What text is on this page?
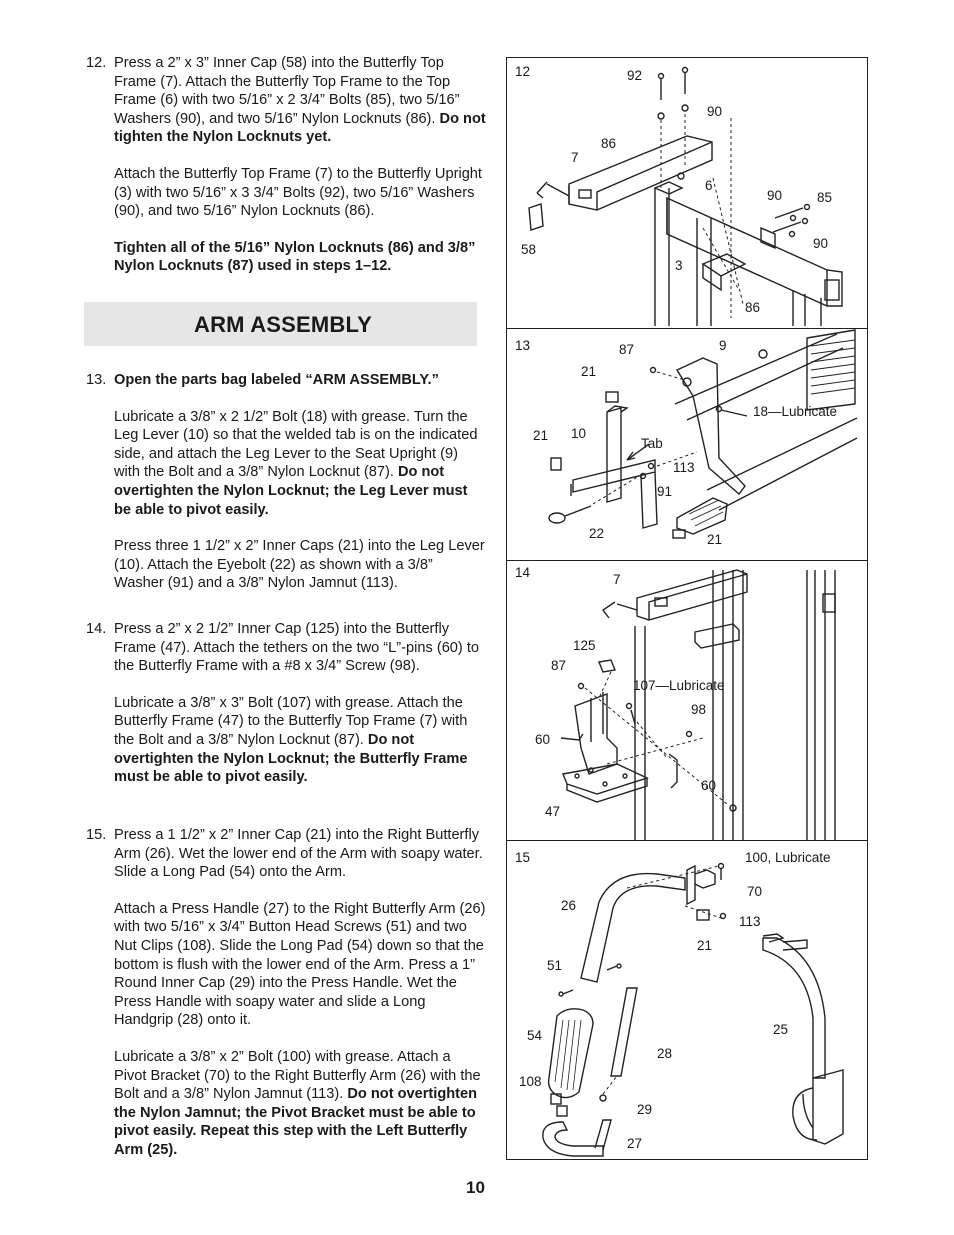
12. Press a 2” x 3” Inner Cap (58) into the Butterfly Top Frame (7). Attach the Butterfly Top Frame to the Top Frame (6) with two 5/16” x 2 3/4” Bolts (85), two 5/16” Washers (90), and two 5/16” Nylon Locknuts (86). Do not tighten the Nylon Locknuts yet.
Attach the Butterfly Top Frame (7) to the Butterfly Upright (3) with two 5/16” x 3 3/4” Bolts (92), two 5/16” Washers (90), and two 5/16” Nylon Locknuts (86).
Tighten all of the 5/16” Nylon Locknuts (86) and 3/8” Nylon Locknuts (87) used in steps 1–12.
ARM ASSEMBLY
13. Open the parts bag labeled “ARM ASSEMBLY.”
Lubricate a 3/8” x 2 1/2” Bolt (18) with grease. Turn the Leg Lever (10) so that the welded tab is on the indicated side, and attach the Leg Lever to the Seat Upright (9) with the Bolt and a 3/8” Nylon Locknut (87). Do not overtighten the Nylon Locknut; the Leg Lever must be able to pivot easily.
Press three 1 1/2” x 2” Inner Caps (21) into the Leg Lever (10). Attach the Eyebolt (22) as shown with a 3/8” Washer (91) and a 3/8” Nylon Jamnut (113).
14. Press a 2” x 2 1/2” Inner Cap (125) into the Butterfly Frame (47). Attach the tethers on the two “L”-pins (60) to the Butterfly Frame with a #8 x 3/4” Screw (98).
Lubricate a 3/8” x 3” Bolt (107) with grease. Attach the Butterfly Frame (47) to the Butterfly Top Frame (7) with the Bolt and a 3/8” Nylon Locknut (87). Do not overtighten the Nylon Locknut; the Butterfly Frame must be able to pivot easily.
15. Press a 1 1/2” x 2” Inner Cap (21) into the Right Butterfly Arm (26). Wet the lower end of the Arm with soapy water. Slide a Long Pad (54) onto the Arm.
Attach a Press Handle (27) to the Right Butterfly Arm (26) with two 5/16” x 3/4” Button Head Screws (51) and two Nut Clips (108). Slide the Long Pad (54) down so that the bottom is flush with the lower end of the Arm. Press a 1” Round Inner Cap (29) into the Press Handle. Wet the Press Handle with soapy water and slide a Long Handgrip (28) onto it.
Lubricate a 3/8” x 2” Bolt (100) with grease. Attach a Pivot Bracket (70) to the Right Butterfly Arm (26) with the Bolt and a 3/8” Nylon Jamnut (113). Do not overtighten the Nylon Jamnut; the Pivot Bracket must be able to pivot easily. Repeat this step with the Left Butterfly Arm (25).
10
12	92
90
86
7
6
90	85
90
58
3
86
13	87	9
21
18—Lubricate
21 10
Tab
113
91
22	21
14	7
125
87
107—Lubricate
98
60
60
47
15	100, Lubricate
70
26
113
21
51
25
54
28
108
29
27
